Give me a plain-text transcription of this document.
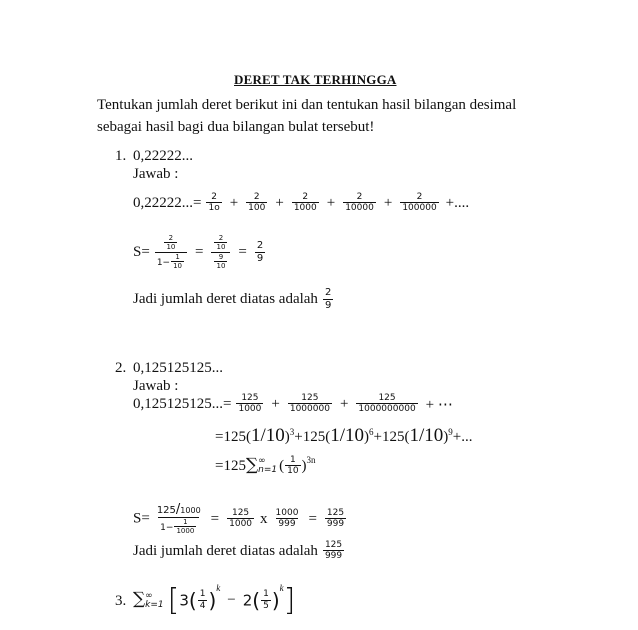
DERET TAK TERHINGGA
Tentukan jumlah deret berikut ini dan tentukan hasil bilangan desimal
sebagai hasil bagi dua bilangan bulat tersebut!
1. 0,22222...
Jawab :
$0,22222...= \frac{2}{1o} + \frac{2}{100} + \frac{2}{1000} + \frac{2}{10000} + \frac{2}{100000}$ +....
$S= \frac{\frac{2}{10}}{1- \frac{1}{10}} = \frac{\frac{2}{10}}{\frac{9}{10}} = \frac{2}{9}$
Jadi jumlah deret diatas adalah $\frac{2}{9}$
2. 0,125125125...
Jawab :
$0,125125125...= \frac{125}{1000} + \frac{125}{1000000} + \frac{125}{1000000000}$ + ⋯
$=125(1/10)^3+125(1/10)^6+125(1/10)^9+$...
=125∑ ∞
n=1 ( $\frac{1}{10} )^{3n}$
$S= \frac{125/1000}{1- \frac{1}{1000}} = \frac{125}{1000}$ x $\frac{1000}{999} = \frac{125}{999}$
Jadi jumlah deret diatas adalah $\frac{125}{999}$
3. ∑ ∞
k=1 $[3( \frac{1}{4} )^k - 2( \frac{1}{5} )^k]$
